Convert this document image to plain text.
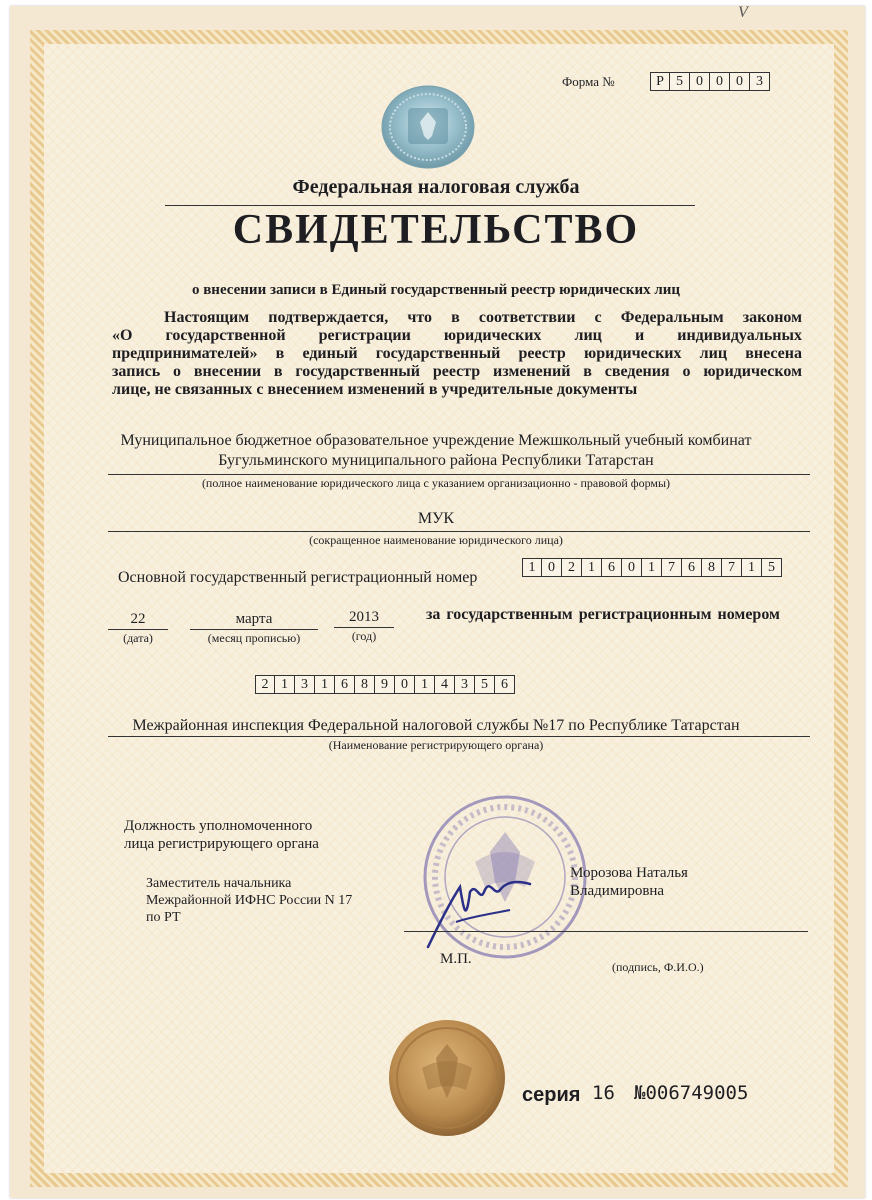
V
Форма №	Р 5 0 0 0 3
Федеральная налоговая служба
СВИДЕТЕЛЬСТВО
о внесении записи в Единый государственный реестр юридических лиц
Настоящим подтверждается, что в соответствии с Федеральным законом
«О государственной регистрации юридических лиц и индивидуальных
предпринимателей» в единый государственный реестр юридических лиц внесена
запись о внесении в государственный реестр изменений в сведения о юридическом
лице, не связанных с внесением изменений в учредительные документы
Муниципальное бюджетное образовательное учреждение Межшкольный учебный комбинат
Бугульминского муниципального района Республики Татарстан
(полное наименование юридического лица с указанием организационно - правовой формы)
МУК
(сокращенное наименование юридического лица)
Основной государственный регистрационный номер
1 0 2 1 6 0 1 7 6 8 7 1 5
22
(дата)
марта
(месяц прописью)
2013
(год)
за государственным регистрационным номером
2 1 3 1 6 8 9 0 1 4 3 5 6
Межрайонная инспекция Федеральной налоговой службы №17 по Республике Татарстан
(Наименование регистрирующего органа)
Должность уполномоченного
лица регистрирующего органа
Заместитель начальника
Межрайонной ИФНС России N 17
по РТ
Морозова Наталья
Владимировна
М.П.	(подпись, Ф.И.О.)
серия 16 №006749005
